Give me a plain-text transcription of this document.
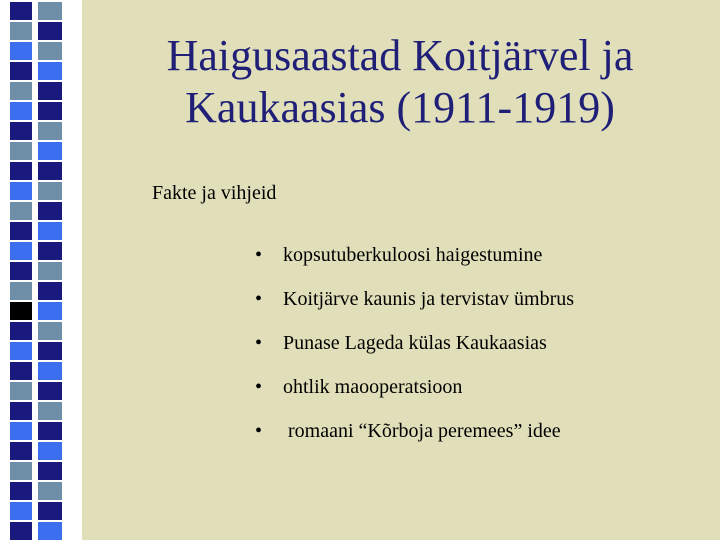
Haigusaastad Koitjärvel ja
Kaukaasias (1911-1919)

Fakte ja vihjeid

• kopsutuberkuloosi haigestumine
• Koitjärve kaunis ja tervistav ümbrus
• Punase Lageda külas Kaukaasias
• ohtlik maooperatsioon
• romaani “Kõrboja peremees” idee
